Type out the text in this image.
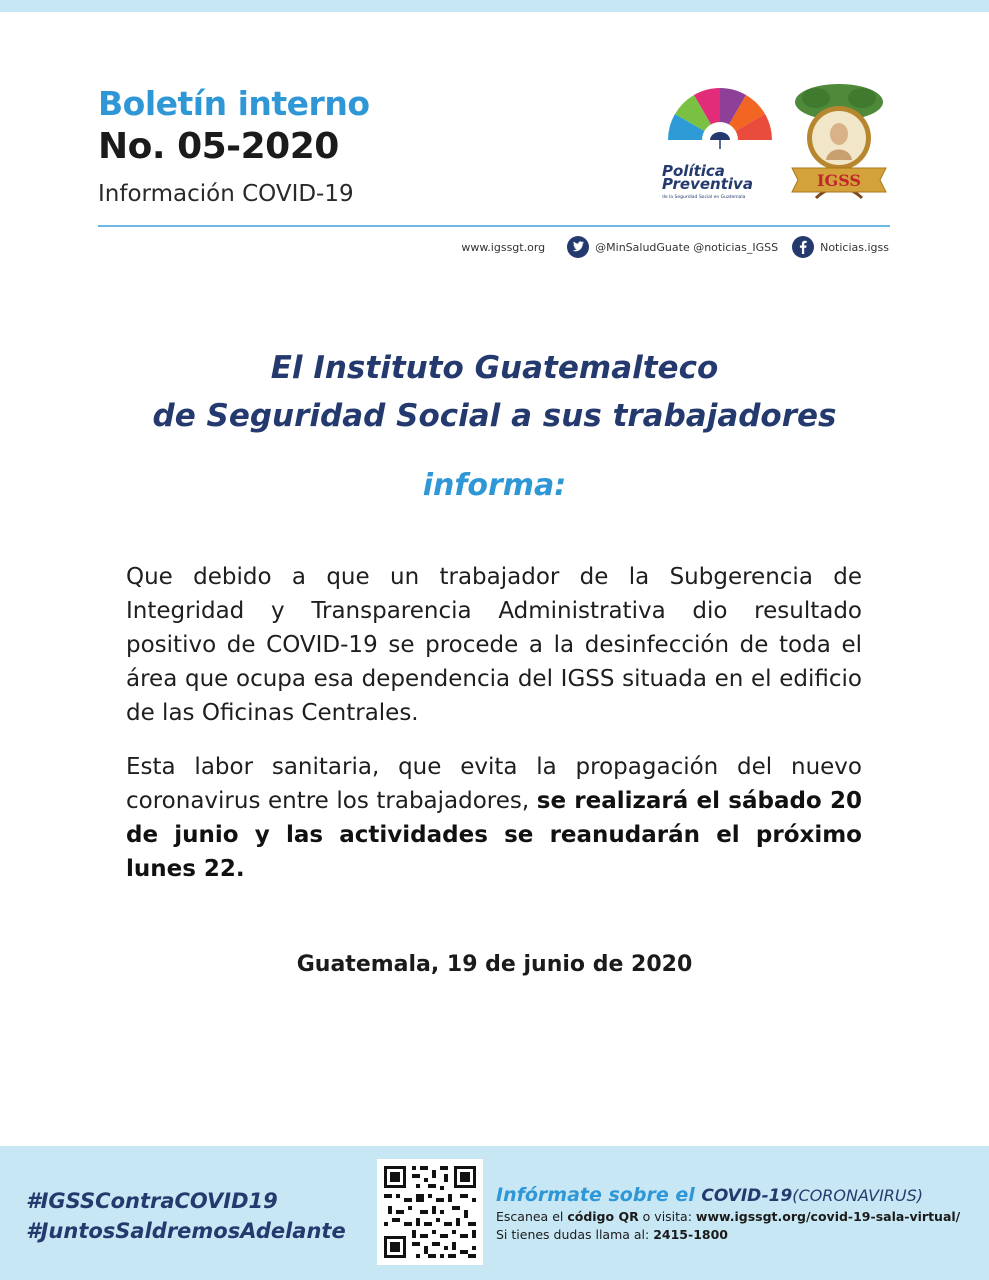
Boletín interno
No. 05-2020
Información COVID-19
Política
Preventiva
de la Seguridad Social en Guatemala
IGSS
www.igssgt.org	@MinSaludGuate @noticias_IGSS	Noticias.igss
El Instituto Guatemalteco
de Seguridad Social a sus trabajadores
informa:
Que debido a que un trabajador de la Subgerencia de Integridad y Transparencia Administrativa dio resultado positivo de COVID-19 se procede a la desinfección de toda el área que ocupa esa dependencia del IGSS situada en el edificio de las Oficinas Centrales.
Esta labor sanitaria, que evita la propagación del nuevo coronavirus entre los trabajadores, se realizará el sábado 20 de junio y las actividades se reanudarán el próximo lunes 22.
Guatemala, 19 de junio de 2020
#IGSSContraCOVID19
#JuntosSaldremosAdelante
Infórmate sobre el COVID-19(CORONAVIRUS)
Escanea el código QR o visita: www.igssgt.org/covid-19-sala-virtual/
Si tienes dudas llama al: 2415-1800
